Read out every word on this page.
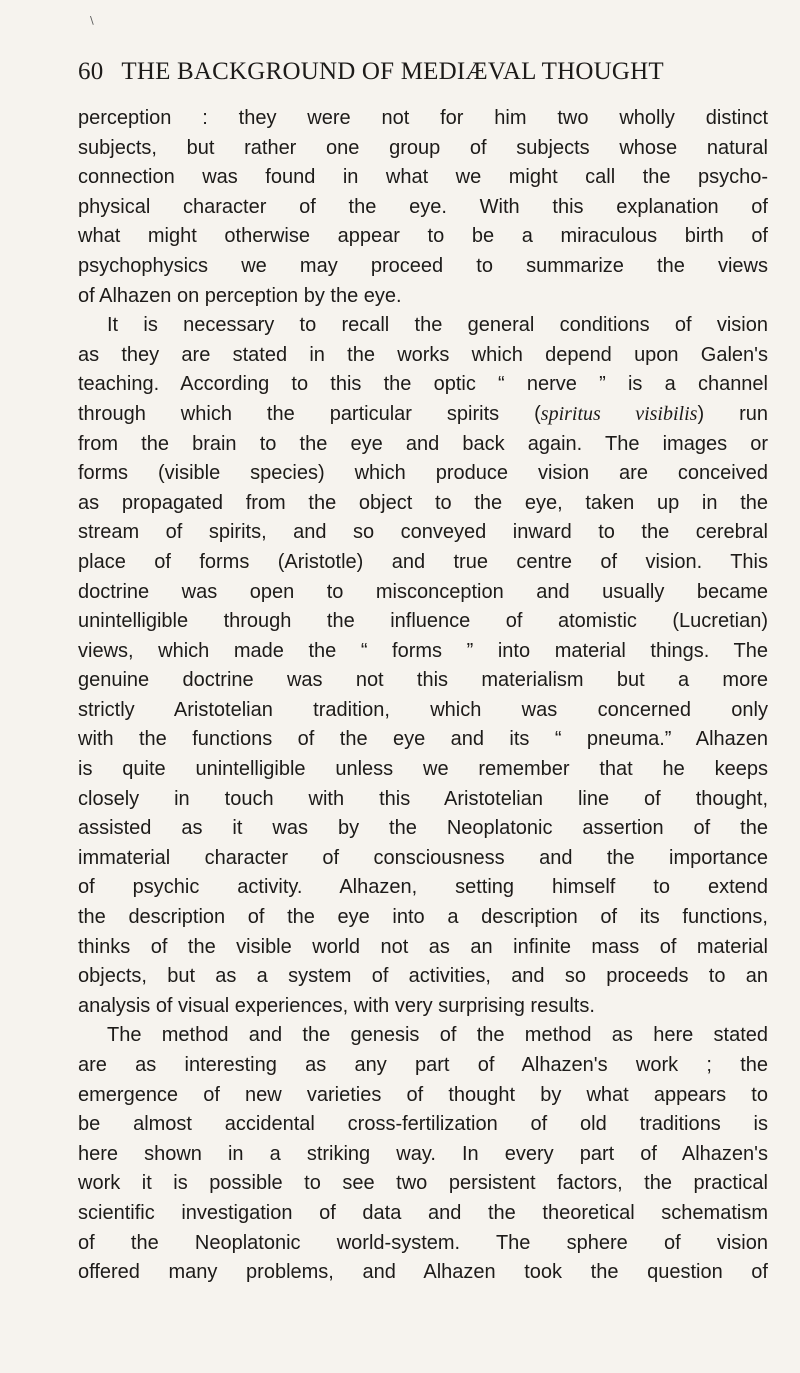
\
60 THE BACKGROUND OF MEDIÆVAL THOUGHT
perception : they were not for him two wholly distinct
subjects, but rather one group of subjects whose natural
connection was found in what we might call the psycho-
physical character of the eye. With this explanation of
what might otherwise appear to be a miraculous birth of
psychophysics we may proceed to summarize the views
of Alhazen on perception by the eye.
It is necessary to recall the general conditions of vision
as they are stated in the works which depend upon Galen's
teaching. According to this the optic “ nerve ” is a channel
through which the particular spirits (spiritus visibilis) run
from the brain to the eye and back again. The images or
forms (visible species) which produce vision are conceived
as propagated from the object to the eye, taken up in the
stream of spirits, and so conveyed inward to the cerebral
place of forms (Aristotle) and true centre of vision. This
doctrine was open to misconception and usually became
unintelligible through the influence of atomistic (Lucretian)
views, which made the “ forms ” into material things. The
genuine doctrine was not this materialism but a more
strictly Aristotelian tradition, which was concerned only
with the functions of the eye and its “ pneuma.” Alhazen
is quite unintelligible unless we remember that he keeps
closely in touch with this Aristotelian line of thought,
assisted as it was by the Neoplatonic assertion of the
immaterial character of consciousness and the importance
of psychic activity. Alhazen, setting himself to extend
the description of the eye into a description of its functions,
thinks of the visible world not as an infinite mass of material
objects, but as a system of activities, and so proceeds to an
analysis of visual experiences, with very surprising results.
The method and the genesis of the method as here stated
are as interesting as any part of Alhazen's work ; the
emergence of new varieties of thought by what appears to
be almost accidental cross-fertilization of old traditions is
here shown in a striking way. In every part of Alhazen's
work it is possible to see two persistent factors, the practical
scientific investigation of data and the theoretical schematism
of the Neoplatonic world-system. The sphere of vision
offered many problems, and Alhazen took the question of
